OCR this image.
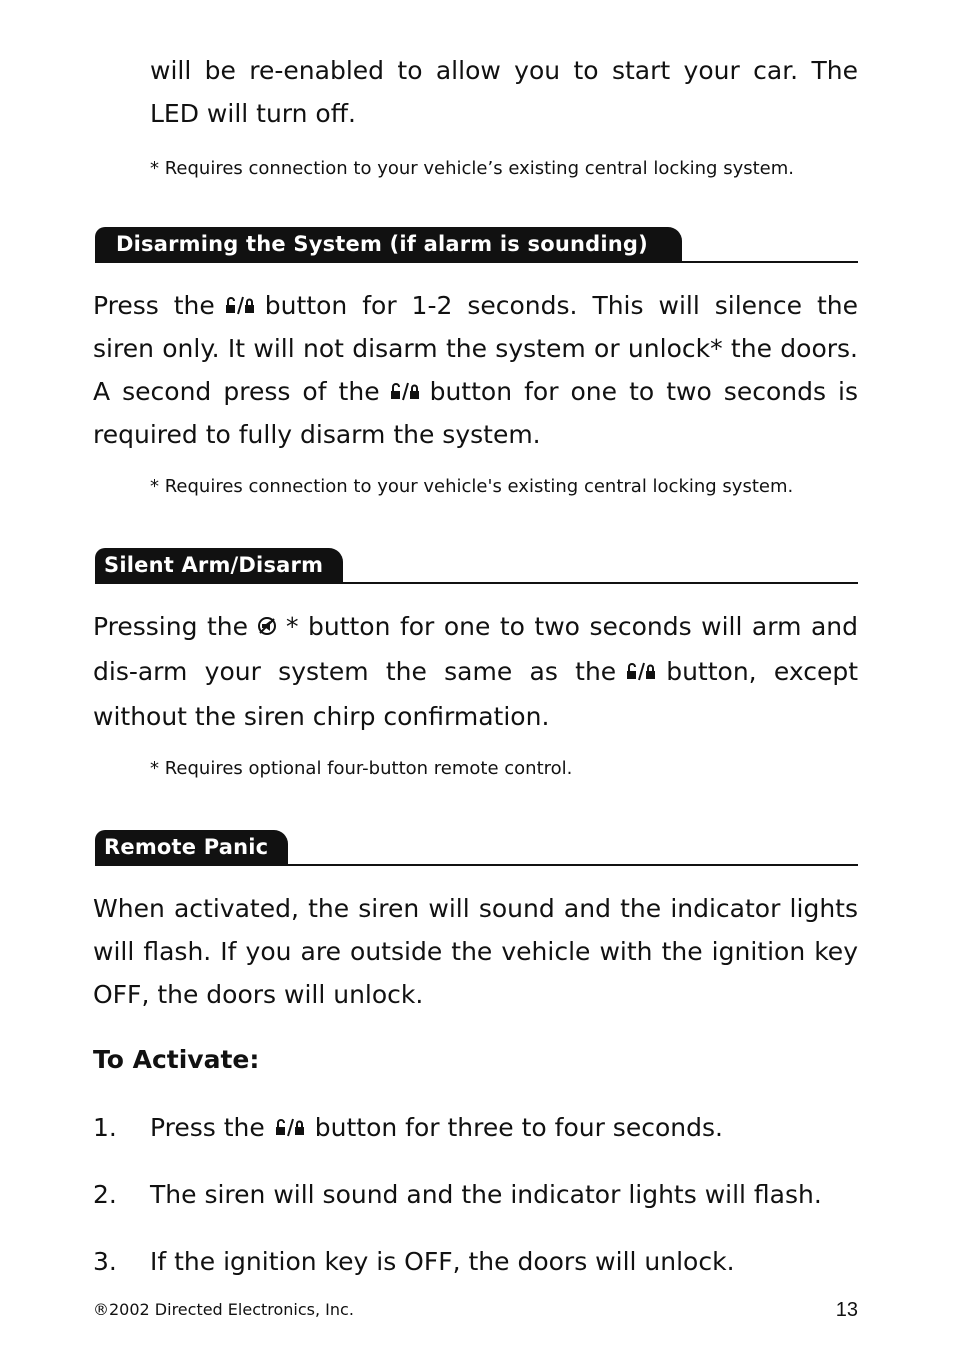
will be re-enabled to allow you to start your car. The LED will turn off.
* Requires connection to your vehicle’s existing central locking system.
Disarming the System (if alarm is sounding)
Press the button for 1-2 seconds. This will silence the siren only. It will not disarm the system or unlock* the doors. A second press of the button for one to two seconds is required to fully disarm the system.
* Requires connection to your vehicle's existing central locking system.
Silent Arm/Disarm
Pressing the * button for one to two seconds will arm and dis-arm your system the same as the button, except without the siren chirp confirmation.
* Requires optional four-button remote control.
Remote Panic
When activated, the siren will sound and the indicator lights will flash. If you are outside the vehicle with the ignition key OFF, the doors will unlock.
To Activate:
1. Press the button for three to four seconds.
2. The siren will sound and the indicator lights will flash.
3. If the ignition key is OFF, the doors will unlock.
®2002 Directed Electronics, Inc.	13
